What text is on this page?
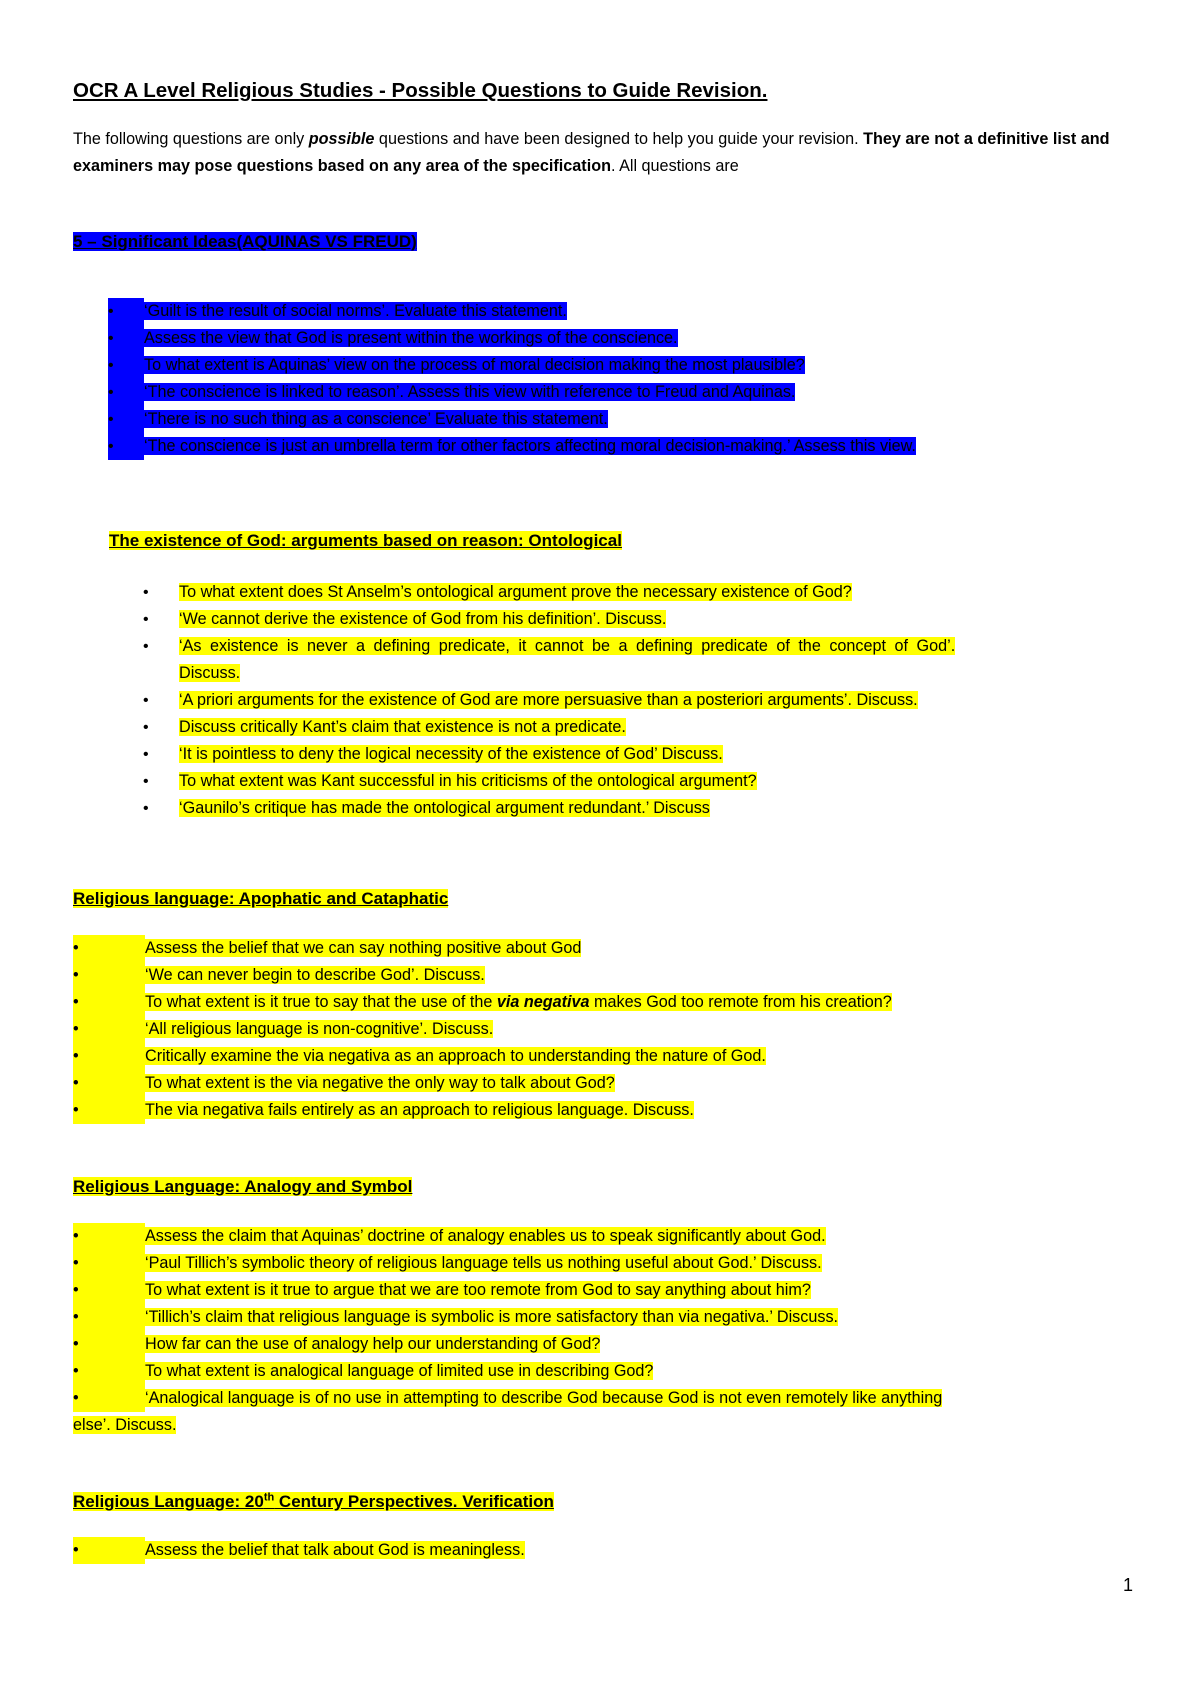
OCR A Level Religious Studies - Possible Questions to Guide Revision.
The following questions are only possible questions and have been designed to help you guide your revision. They are not a definitive list and examiners may pose questions based on any area of the specification. All questions are
5 – Significant Ideas(AQUINAS VS FREUD)
• ‘Guilt is the result of social norms’. Evaluate this statement.
• Assess the view that God is present within the workings of the conscience.
• To what extent is Aquinas’ view on the process of moral decision making the most plausible?
• ‘The conscience is linked to reason’. Assess this view with reference to Freud and Aquinas.
• ‘There is no such thing as a conscience’ Evaluate this statement.
• ‘The conscience is just an umbrella term for other factors affecting moral decision-making.’ Assess this view.
The existence of God: arguments based on reason: Ontological
• To what extent does St Anselm’s ontological argument prove the necessary existence of God?
• ‘We cannot derive the existence of God from his definition’. Discuss.
• ‘As existence is never a defining predicate, it cannot be a defining predicate of the concept of God’.
Discuss.
• ‘A priori arguments for the existence of God are more persuasive than a posteriori arguments’. Discuss.
• Discuss critically Kant’s claim that existence is not a predicate.
• ‘It is pointless to deny the logical necessity of the existence of God’ Discuss.
• To what extent was Kant successful in his criticisms of the ontological argument?
• ‘Gaunilo’s critique has made the ontological argument redundant.’ Discuss
Religious language: Apophatic and Cataphatic
•	Assess the belief that we can say nothing positive about God
•	‘We can never begin to describe God’. Discuss.
•	To what extent is it true to say that the use of the via negativa makes God too remote from his creation?
•	‘All religious language is non-cognitive’. Discuss.
•	Critically examine the via negativa as an approach to understanding the nature of God.
•	To what extent is the via negative the only way to talk about God?
•	The via negativa fails entirely as an approach to religious language. Discuss.
Religious Language: Analogy and Symbol
•	Assess the claim that Aquinas’ doctrine of analogy enables us to speak significantly about God.
•	‘Paul Tillich’s symbolic theory of religious language tells us nothing useful about God.’ Discuss.
•	To what extent is it true to argue that we are too remote from God to say anything about him?
•	‘Tillich’s claim that religious language is symbolic is more satisfactory than via negativa.’ Discuss.
•	How far can the use of analogy help our understanding of God?
•	To what extent is analogical language of limited use in describing God?
•	‘Analogical language is of no use in attempting to describe God because God is not even remotely like anything
else’. Discuss.
Religious Language: 20th Century Perspectives. Verification
•	Assess the belief that talk about God is meaningless.
1
